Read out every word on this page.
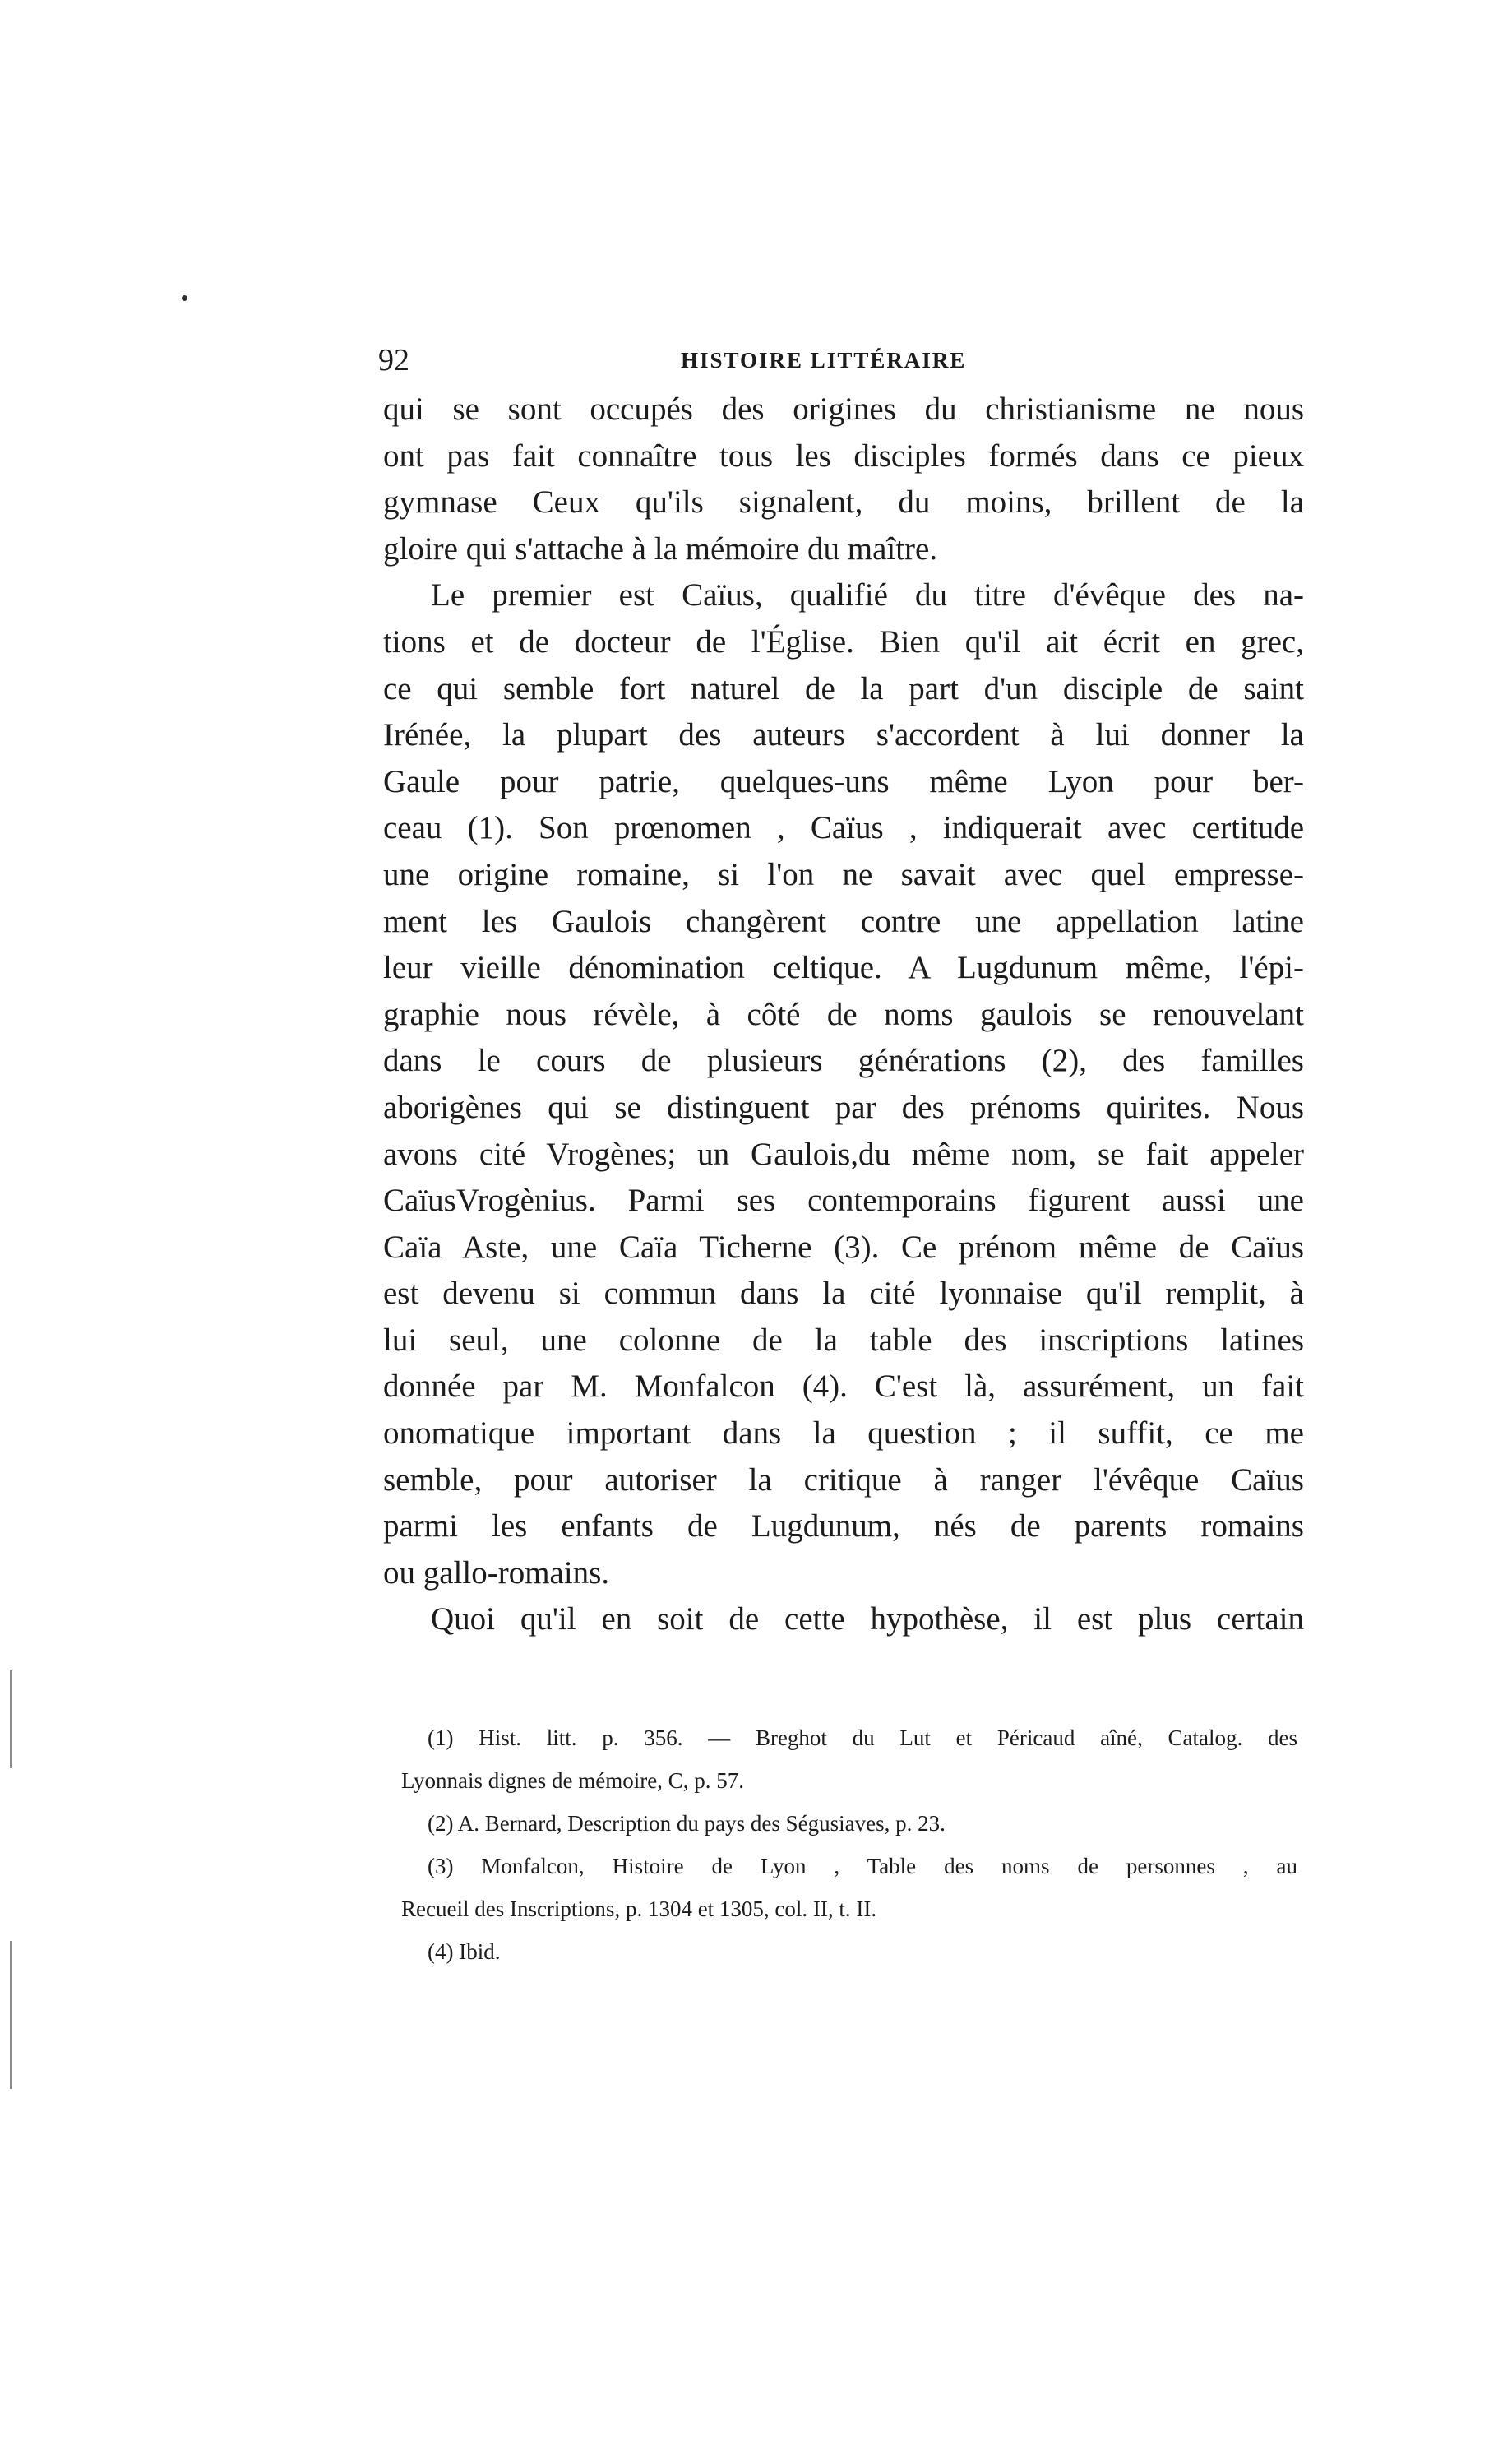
92	HISTOIRE LITTÉRAIRE
qui se sont occupés des origines du christianisme ne nous
ont pas fait connaître tous les disciples formés dans ce pieux
gymnase Ceux qu'ils signalent, du moins, brillent de la
gloire qui s'attache à la mémoire du maître.
Le premier est Caïus, qualifié du titre d'évêque des na-
tions et de docteur de l'Église. Bien qu'il ait écrit en grec,
ce qui semble fort naturel de la part d'un disciple de saint
Irénée, la plupart des auteurs s'accordent à lui donner la
Gaule pour patrie, quelques-uns même Lyon pour ber-
ceau (1). Son prœnomen , Caïus , indiquerait avec certitude
une origine romaine, si l'on ne savait avec quel empresse-
ment les Gaulois changèrent contre une appellation latine
leur vieille dénomination celtique. A Lugdunum même, l'épi-
graphie nous révèle, à côté de noms gaulois se renouvelant
dans le cours de plusieurs générations (2), des familles
aborigènes qui se distinguent par des prénoms quirites. Nous
avons cité Vrogènes; un Gaulois,du même nom, se fait appeler
CaïusVrogènius. Parmi ses contemporains figurent aussi une
Caïa Aste, une Caïa Ticherne (3). Ce prénom même de Caïus
est devenu si commun dans la cité lyonnaise qu'il remplit, à
lui seul, une colonne de la table des inscriptions latines
donnée par M. Monfalcon (4). C'est là, assurément, un fait
onomatique important dans la question ; il suffit, ce me
semble, pour autoriser la critique à ranger l'évêque Caïus
parmi les enfants de Lugdunum, nés de parents romains
ou gallo-romains.
Quoi qu'il en soit de cette hypothèse, il est plus certain
(1) Hist. litt. p. 356. — Breghot du Lut et Péricaud aîné, Catalog. des
Lyonnais dignes de mémoire, C, p. 57.
(2) A. Bernard, Description du pays des Ségusiaves, p. 23.
(3) Monfalcon, Histoire de Lyon , Table des noms de personnes , au
Recueil des Inscriptions, p. 1304 et 1305, col. II, t. II.
(4) Ibid.
